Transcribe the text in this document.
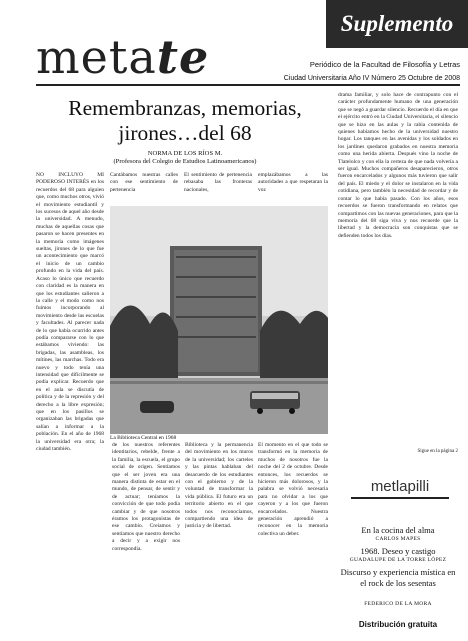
Suplemento
metate	Periódico de la Facultad de Filosofía y Letras
Ciudad Universitaria Año IV Número 25 Octubre de 2008
Remembranzas, memorias, jirones…del 68
NORMA DE LOS RÍOS M.
(Profesora del Colegio de Estudios Latinoamericanos)
NO INCLUYO MI PODEROSO INTERÉS en los recuerdos del 68 para alguien que, como muchos otros, vivió el movimiento estudiantil y los sucesos de aquel año desde la universidad. A menudo, muchas de aquellas cosas que pasaron se hacen presentes en la memoria como imágenes sueltas, jirones de lo que fue un acontecimiento que marcó el inicio de un cambio profundo en la vida del país. Acaso lo único que recuerdo con claridad es la manera en que los estudiantes salieron a la calle y el modo como nos fuimos incorporando al movimiento desde las escuelas y facultades. Al parecer nada de lo que había ocurrido antes podía compararse con lo que estábamos viviendo: las brigadas, las asambleas, los mítines, las marchas. Todo era nuevo y todo tenía una intensidad que difícilmente se podía explicar. Recuerdo que en el aula se discutía de política y de la represión y del derecho a la libre expresión; que en los pasillos se organizaban las brigadas que salían a informar a la población. En el año de 1968 la universidad era otra; la ciudad también.
Cantábamos nuestras calles con ese sentimiento de pertenencia
El sentimiento de pertenencia rebasaba las fronteras nacionales,
emplazábamos a las autoridades a que respetaran la voz
La Biblioteca Central en 1968
de los nuestros referentes identitarios, rebelde, frente a la familia, la escuela, el grupo social de origen. Sentíamos que el ser joven era una manera distinta de estar en el mundo, de pensar, de sentir y de actuar; teníamos la convicción de que todo podía cambiar y de que nosotros éramos los protagonistas de ese cambio. Creíamos y sentíamos que nuestro derecho a decir y a exigir nos correspondía.
Biblioteca y la permanencia del movimiento en los muros de la universidad; los carteles y las pintas hablaban del desacuerdo de los estudiantes con el gobierno y de la voluntad de transformar la vida pública. El futuro era un territorio abierto en el que todos nos reconocíamos, compartiendo una idea de justicia y de libertad.
El momento en el que todo se transformó en la memoria de muchos de nosotros fue la noche del 2 de octubre. Desde entonces, los recuerdos se hicieron más dolorosos, y la palabra se volvió necesaria para no olvidar a los que cayeron y a los que fueron encarcelados. Nuestra generación aprendió a reconocer en la memoria colectiva un deber.
drama familiar, y solo hace de contrapunto con el carácter profundamente humano de una generación que se negó a guardar silencio. Recuerdo el día en que el ejército entró en la Ciudad Universitaria, el silencio que se hizo en las aulas y la rabia contenida de quienes habíamos hecho de la universidad nuestro hogar. Los tanques en las avenidas y los soldados en los jardines quedaron grabados en nuestra memoria como una herida abierta. Después vino la noche de Tlatelolco y con ella la certeza de que nada volvería a ser igual. Muchos compañeros desaparecieron, otros fueron encarcelados y algunos más tuvieron que salir del país. El miedo y el dolor se instalaron en la vida cotidiana, pero también la necesidad de recordar y de contar lo que había pasado. Con los años, esos recuerdos se fueron transformando en relatos que compartimos con las nuevas generaciones, para que la memoria del 68 siga viva y nos recuerde que la libertad y la democracia son conquistas que se defienden todos los días.
Sigue en la página 2
metlapilli
En la cocina del alma
CARLOS MAPES
1968. Deseo y castigo
GUADALUPE DE LA TORRE LÓPEZ
Discurso y experiencia mística en el rock de los sesentas
FEDERICO DE LA MORA
Distribución gratuita
